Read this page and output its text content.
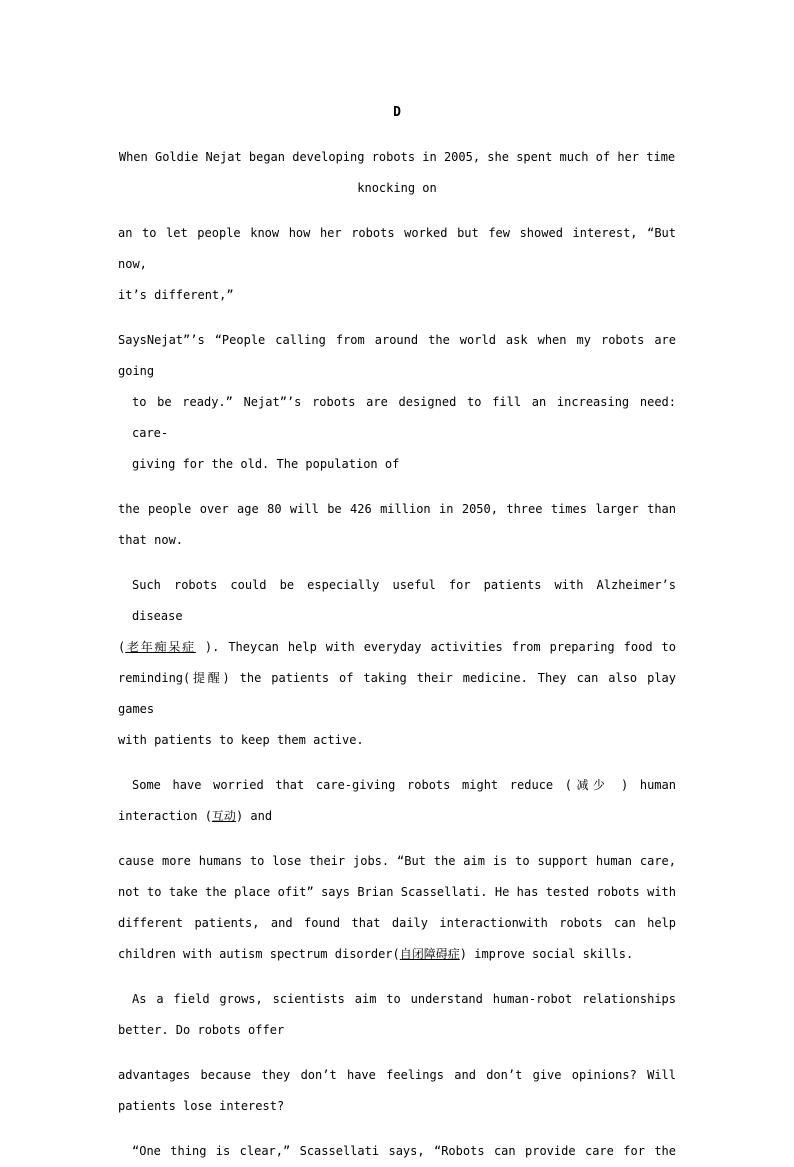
D

When Goldie Nejat began developing robots in 2005, she spent much of her time
knocking on

an to let people know how her robots worked but few showed interest, “But now,
it’s different,”

SaysNejat”’s “People calling from around the world ask when my robots are going
to be ready.” Nejat”’s robots are designed to fill an increasing need: care-
giving for the old. The population of

the people over age 80 will be 426 million in 2050, three times larger than
that now.

Such robots could be especially useful for patients with Alzheimer’s disease
(老年痴呆症 ). Theycan help with everyday activities from preparing food to
reminding(提醒) the patients of taking their medicine. They can also play games
with patients to keep them active.

Some have worried that care-giving robots might reduce (减少 ) human
interaction (互动) and

cause more humans to lose their jobs. “But the aim is to support human care,
not to take the place ofit” says Brian Scassellati. He has tested robots with
different patients, and found that daily interactionwith robots can help
children with autism spectrum disorder(自闭障碍症) improve social skills.

As a field grows, scientists aim to understand human-robot relationships
better. Do robots offer

advantages because they don’t have feelings and don’t give opinions? Will
patients lose interest?

“One thing is clear,” Scassellati says, “Robots can provide care for the
